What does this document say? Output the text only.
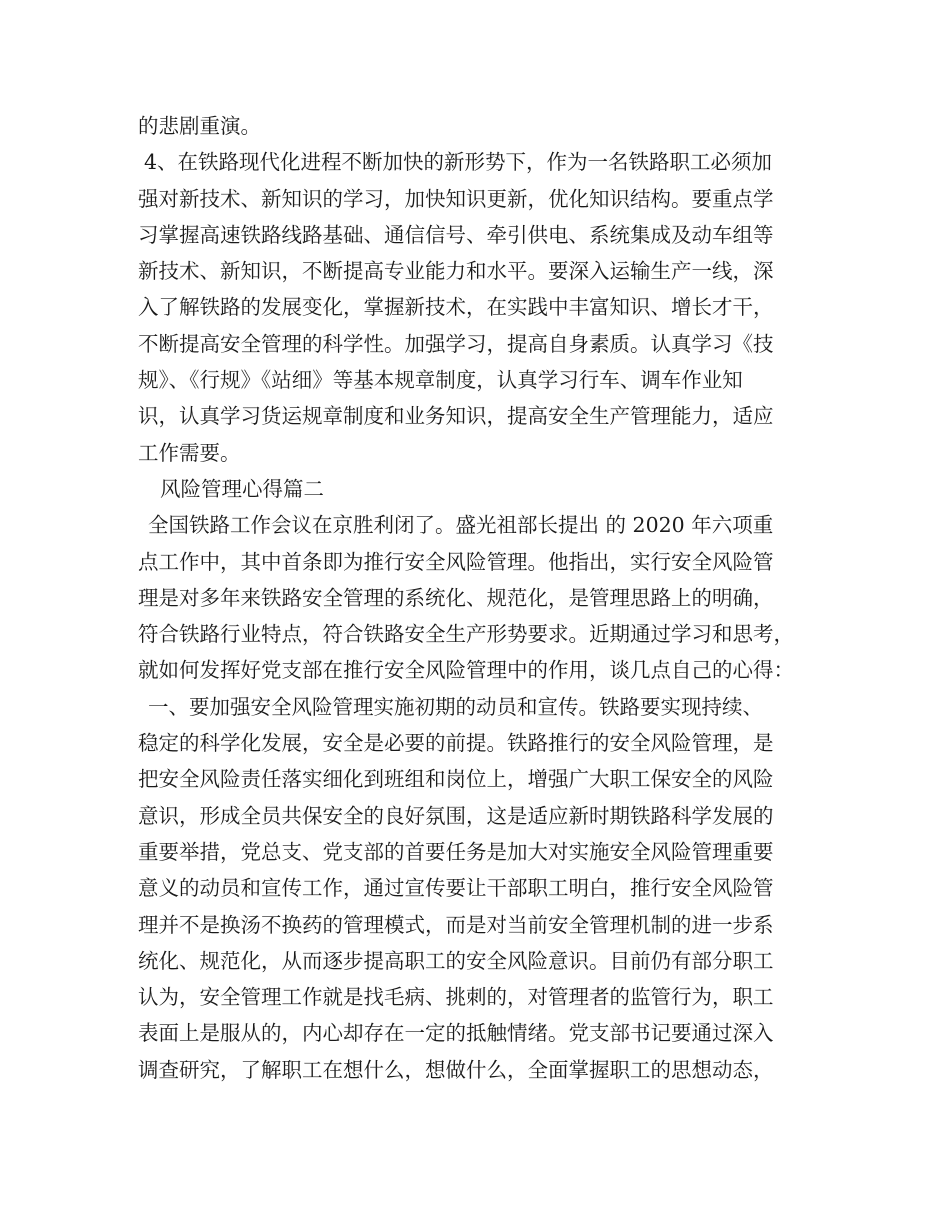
的悲剧重演。
4、在铁路现代化进程不断加快的新形势下，作为一名铁路职工必须加
强对新技术、新知识的学习，加快知识更新，优化知识结构。要重点学
习掌握高速铁路线路基础、通信信号、牵引供电、系统集成及动车组等
新技术、新知识，不断提高专业能力和水平。要深入运输生产一线，深
入了解铁路的发展变化，掌握新技术，在实践中丰富知识、增长才干，
不断提高安全管理的科学性。加强学习，提高自身素质。认真学习《技
规》、《行规》《站细》等基本规章制度，认真学习行车、调车作业知
识，认真学习货运规章制度和业务知识，提高安全生产管理能力，适应
工作需要。
风险管理心得篇二
全国铁路工作会议在京胜利闭了。盛光祖部长提出 的 2020 年六项重
点工作中，其中首条即为推行安全风险管理。他指出，实行安全风险管
理是对多年来铁路安全管理的系统化、规范化，是管理思路上的明确，
符合铁路行业特点，符合铁路安全生产形势要求。近期通过学习和思考，
就如何发挥好党支部在推行安全风险管理中的作用，谈几点自己的心得：
一、要加强安全风险管理实施初期的动员和宣传。铁路要实现持续、
稳定的科学化发展，安全是必要的前提。铁路推行的安全风险管理，是
把安全风险责任落实细化到班组和岗位上，增强广大职工保安全的风险
意识，形成全员共保安全的良好氛围，这是适应新时期铁路科学发展的
重要举措，党总支、党支部的首要任务是加大对实施安全风险管理重要
意义的动员和宣传工作，通过宣传要让干部职工明白，推行安全风险管
理并不是换汤不换药的管理模式，而是对当前安全管理机制的进一步系
统化、规范化，从而逐步提高职工的安全风险意识。目前仍有部分职工
认为，安全管理工作就是找毛病、挑刺的，对管理者的监管行为，职工
表面上是服从的，内心却存在一定的抵触情绪。党支部书记要通过深入
调查研究，了解职工在想什么，想做什么，全面掌握职工的思想动态，
